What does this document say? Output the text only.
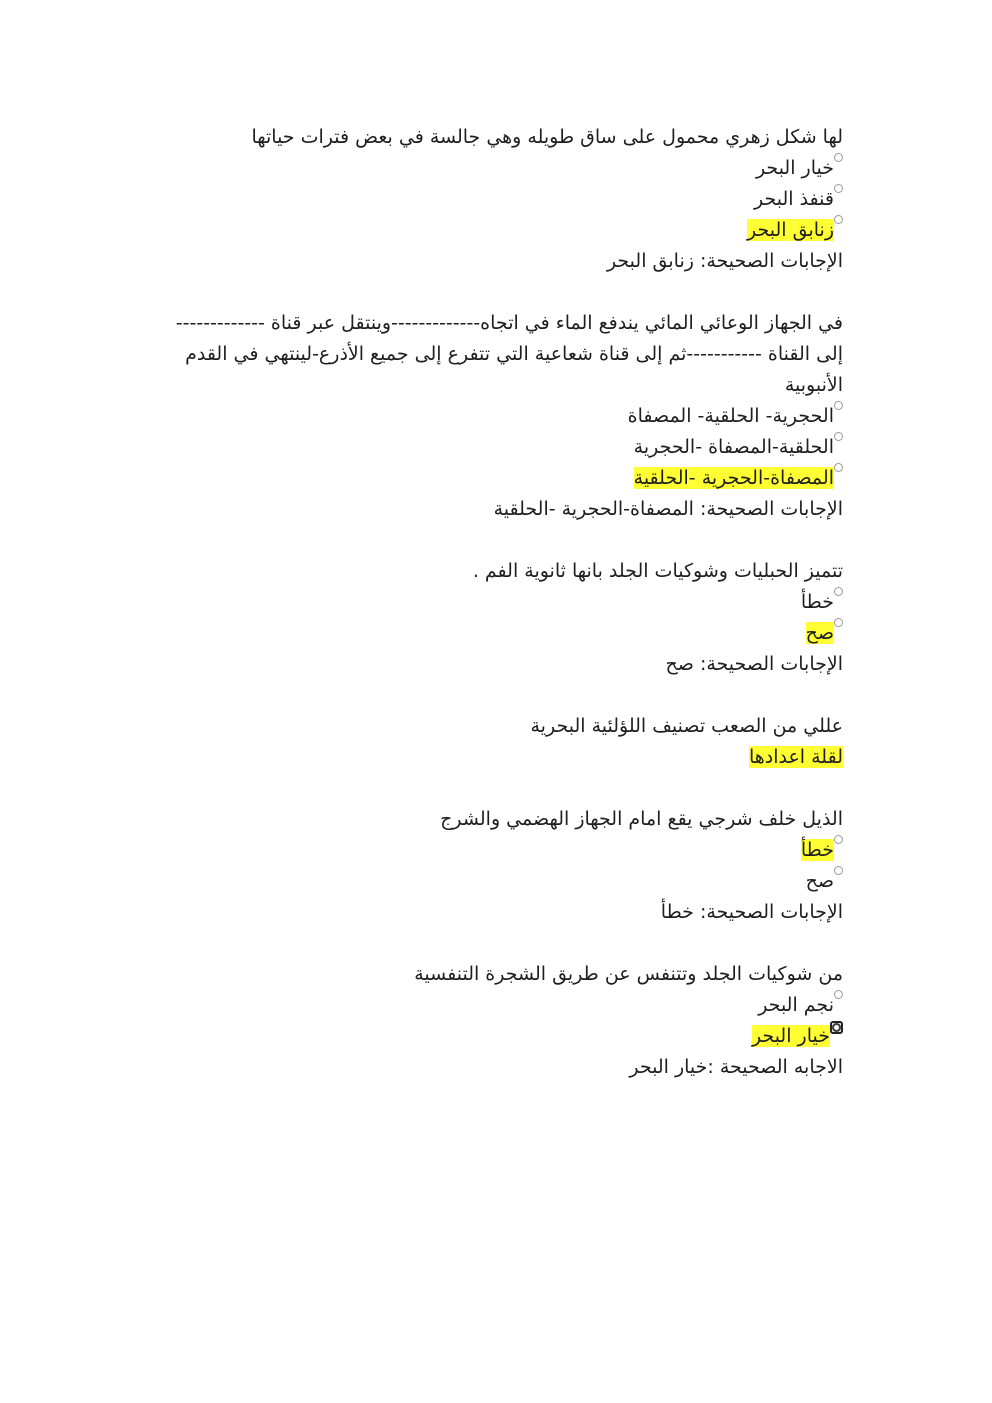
لها شكل زهري محمول على ساق طويله وهي جالسة في بعض فترات حياتها
خيار البحر
قنفذ البحر
زنابق البحر
الإجابات الصحيحة: زنابق البحر
في الجهاز الوعائي المائي يندفع الماء في اتجاه-------------وينتقل عبر قناة -------------
إلى القناة -----------ثم إلى قناة شعاعية التي تتفرع إلى جميع الأذرع-لينتهي في القدم الأنبوبية
الحجرية- الحلقية- المصفاة
الحلقية-المصفاة -الحجرية
المصفاة-الحجرية -الحلقية
الإجابات الصحيحة: المصفاة-الحجرية -الحلقية
تتميز الحبليات وشوكيات الجلد بانها ثانوية الفم .
خطأ
صح
الإجابات الصحيحة: صح
عللي من الصعب تصنيف اللؤلئية البحرية
لقلة اعدادها
الذيل خلف شرجي يقع امام الجهاز الهضمي والشرج
خطأ
صح
الإجابات الصحيحة: خطأ
من شوكيات الجلد وتتنفس عن طريق الشجرة التنفسية
نجم البحر
خيار البحر
الاجابه الصحيحة :خيار البحر
